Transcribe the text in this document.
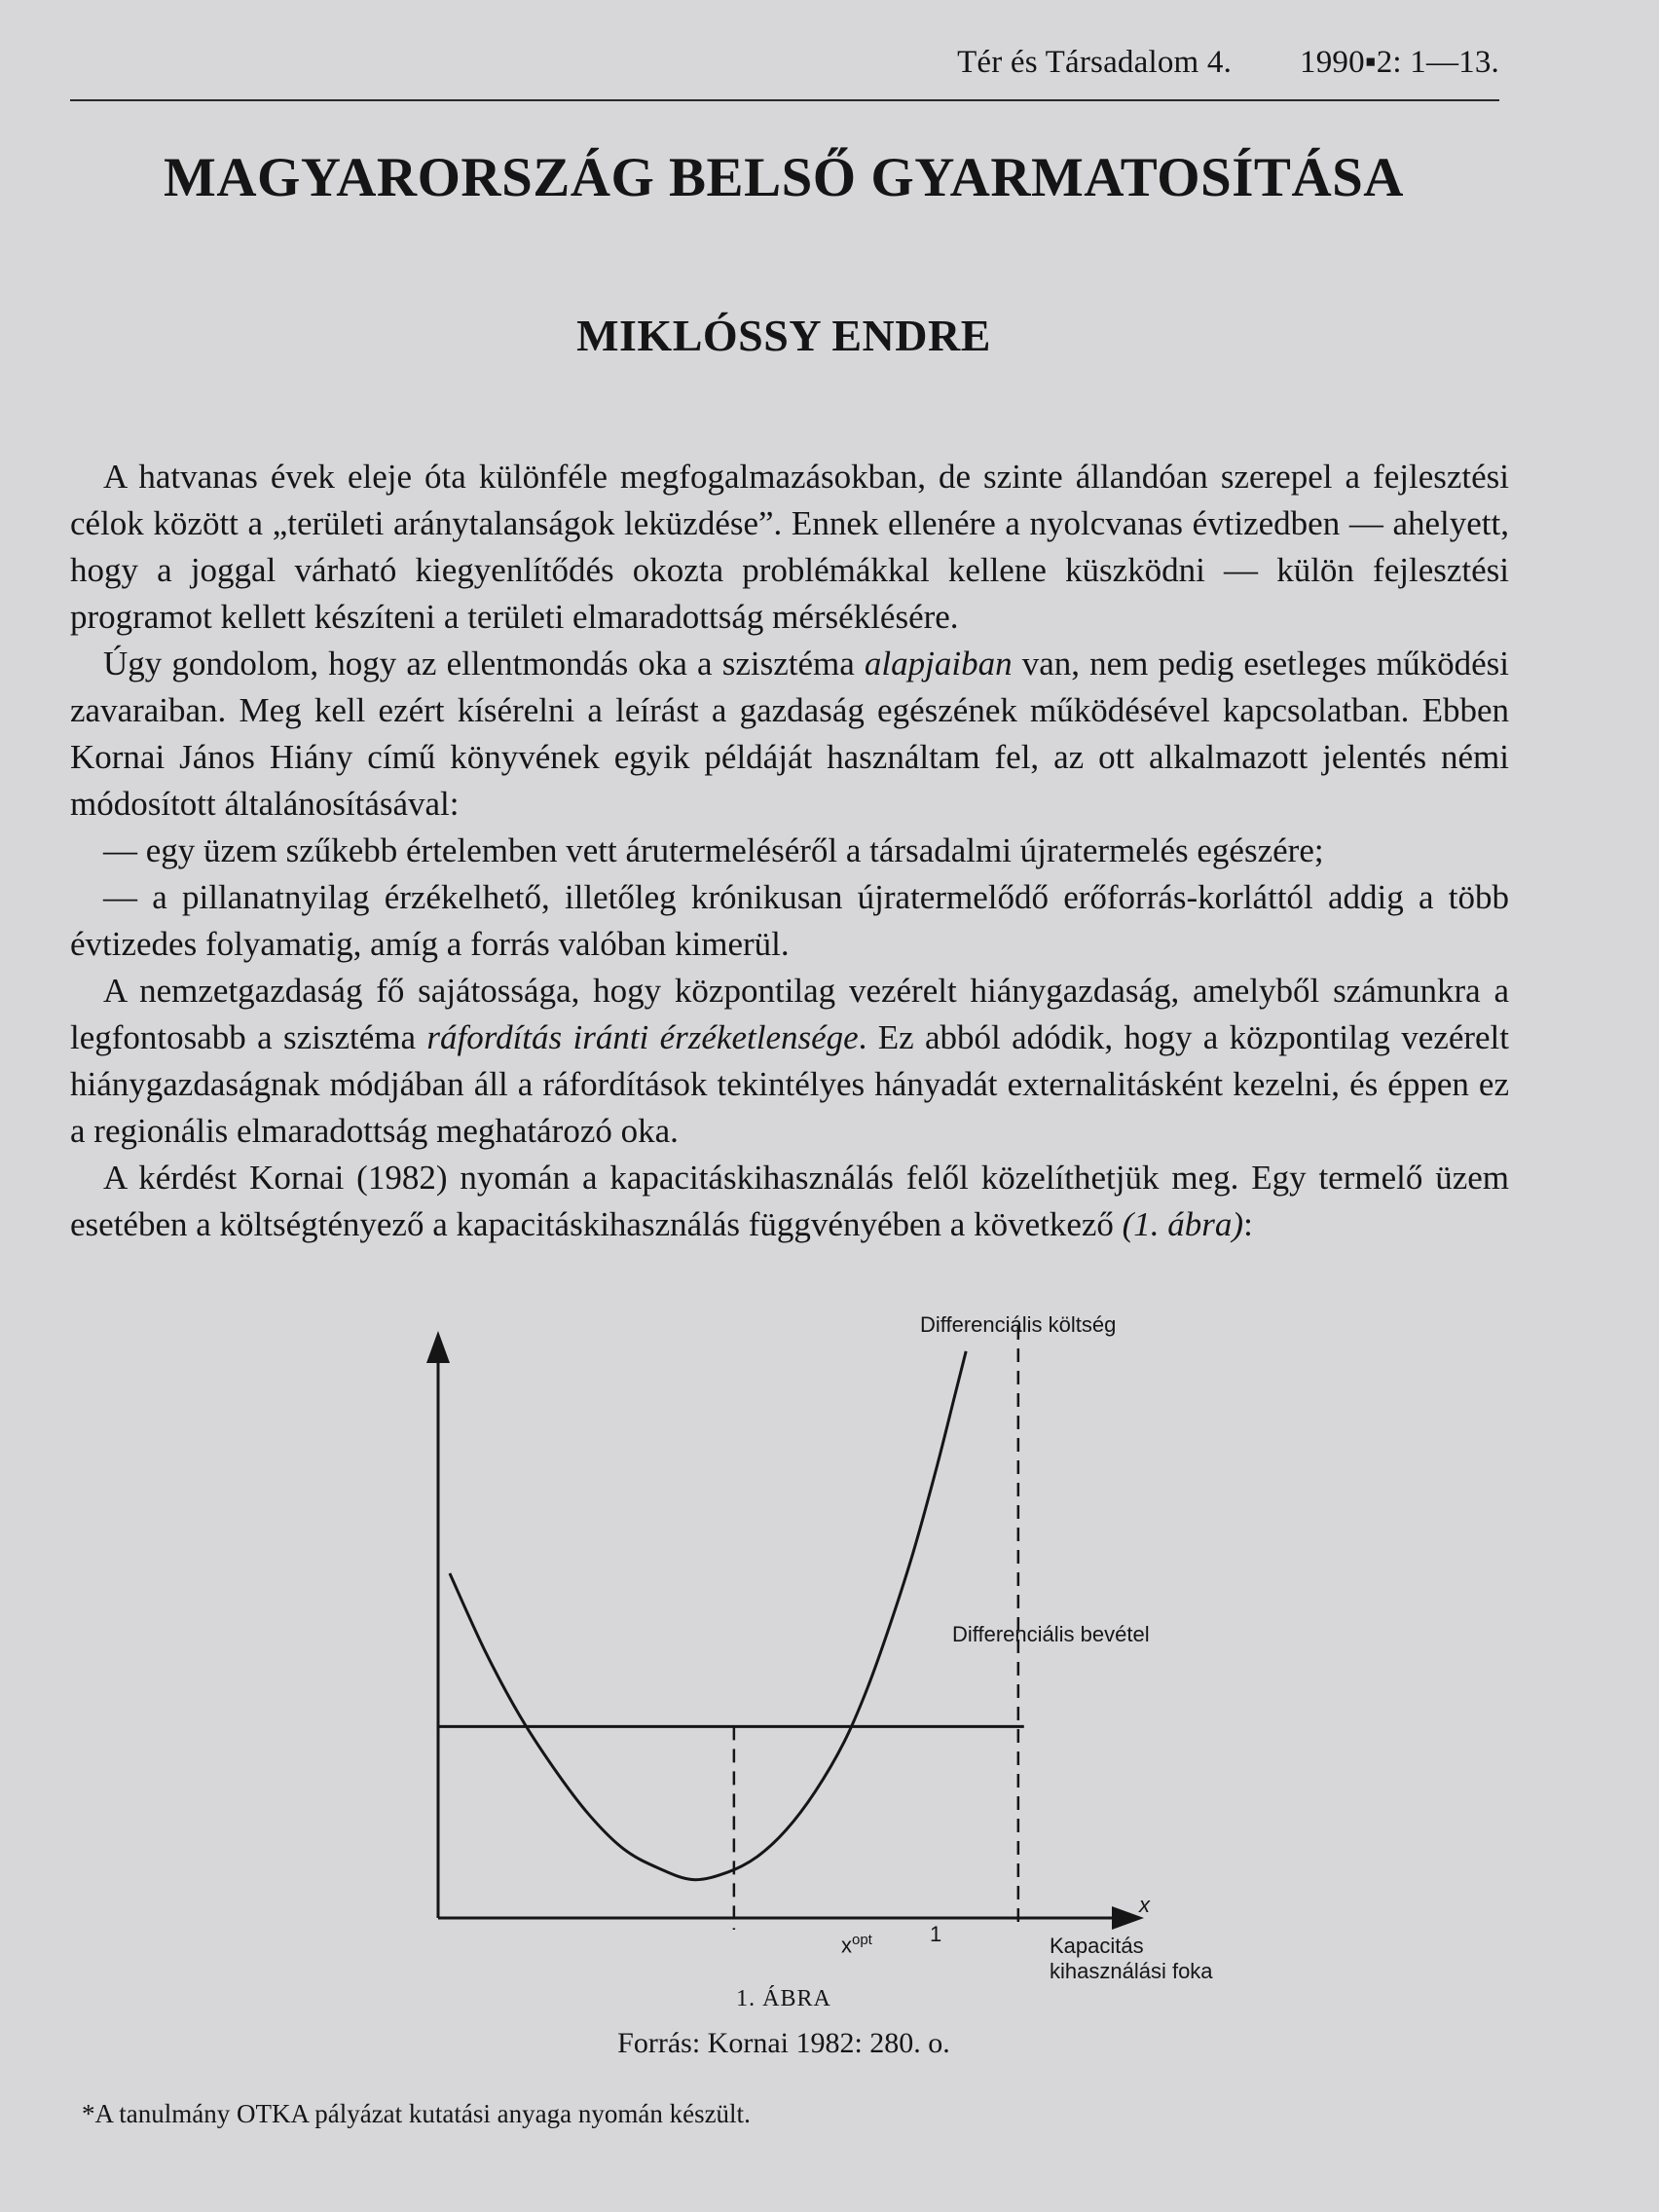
Tér és Társadalom 4. 1990▪2: 1—13.
MAGYARORSZÁG BELSŐ GYARMATOSÍTÁSA
MIKLÓSSY ENDRE

A hatvanas évek eleje óta különféle megfogalmazásokban, de szinte állandóan szerepel a fejlesztési célok között a „területi aránytalanságok leküzdése”. Ennek ellenére a nyolcvanas évtizedben — ahelyett, hogy a joggal várható kiegyenlítődés okozta problémákkal kellene küszködni — külön fejlesztési programot kellett készíteni a területi elmaradottság mérséklésére.

Úgy gondolom, hogy az ellentmondás oka a szisztéma alapjaiban van, nem pedig esetleges működési zavaraiban. Meg kell ezért kísérelni a leírást a gazdaság egészének működésével kapcsolatban. Ebben Kornai János Hiány című könyvének egyik példáját használtam fel, az ott alkalmazott jelentés némi módosított általánosításával:

— egy üzem szűkebb értelemben vett árutermeléséről a társadalmi újratermelés egészére;

— a pillanatnyilag érzékelhető, illetőleg krónikusan újratermelődő erőforrás-korláttól addig a több évtizedes folyamatig, amíg a forrás valóban kimerül.

A nemzetgazdaság fő sajátossága, hogy központilag vezérelt hiánygazdaság, amelyből számunkra a legfontosabb a szisztéma ráfordítás iránti érzéketlensége. Ez abból adódik, hogy a központilag vezérelt hiánygazdaságnak módjában áll a ráfordítások tekintélyes hányadát externalitásként kezelni, és éppen ez a regionális elmaradottság meghatározó oka.

A kérdést Kornai (1982) nyomán a kapacitáskihasználás felől közelíthetjük meg. Egy termelő üzem esetében a költségtényező a kapacitáskihasználás függvényében a következő (1. ábra):

Differenciális költség
Differenciális bevétel
x
$x^{opt}$	1	Kapacitás
kihasználási foka
1. ÁBRA
Forrás: Kornai 1982: 280. o.
*A tanulmány OTKA pályázat kutatási anyaga nyomán készült.
